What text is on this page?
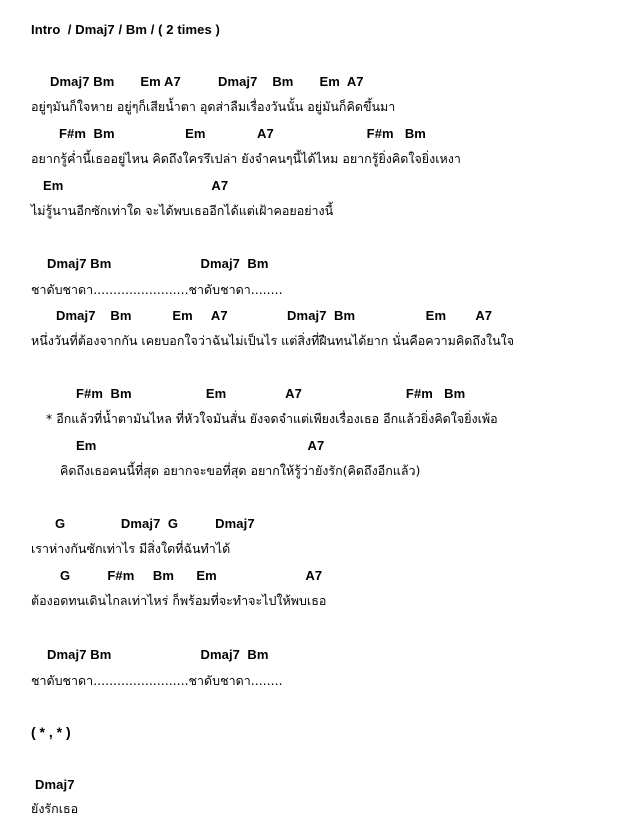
Intro  / Dmaj7 / Bm / ( 2 times )
Dmaj7 Bm       Em A7          Dmaj7    Bm       Em  A7
อยู่ๆมันก็ใจหาย อยู่ๆก็เสียน้ำตา อุดส่าลืมเรื่องวันนั้น อยู่มันก็คิดขึ้นมา
F#m  Bm                   Em              A7                         F#m   Bm
อยากรู้ค่ำนี้เธออยู่ไหน คิดถึงใครรึเปล่า ยังจำคนๆนี้ได้ไหม อยากรู้ยิ่งคิดใจยิ่งเหงา
Em                                        A7
ไม่รู้นานอีกซักเท่าใด จะได้พบเธออีกได้แต่เฝ้าคอยอย่างนี้
Dmaj7 Bm                        Dmaj7  Bm
ชาดับชาดา........................ชาดับชาดา........
Dmaj7    Bm           Em     A7                Dmaj7  Bm                   Em        A7
หนึ่งวันที่ต้องจากกัน เคยบอกใจว่าฉันไม่เป็นไร แต่สิ่งที่ฝืนทนได้ยาก นั่นคือความคิดถึงในใจ
F#m  Bm                    Em                A7                            F#m   Bm
* อีกแล้วที่น้ำตามันไหล ที่หัวใจมันสั่น ยังจดจำแต่เพียงเรื่องเธอ อีกแล้วยิ่งคิดใจยิ่งเพ้อ
Em                                                         A7
คิดถึงเธอคนนี้ที่สุด อยากจะขอที่สุด อยากให้รู้ว่ายังรัก(คิดถึงอีกแล้ว)
G               Dmaj7  G          Dmaj7
เราห่างกันซักเท่าไร มีสิ่งใดที่ฉันทำได้
G          F#m     Bm      Em                        A7
ต้องอดทนเดินไกลเท่าไหร่ ก็พร้อมที่จะทำจะไปให้พบเธอ
Dmaj7 Bm                        Dmaj7  Bm
ชาดับชาดา........................ชาดับชาดา........
( * , * )
Dmaj7
ยังรักเธอ
